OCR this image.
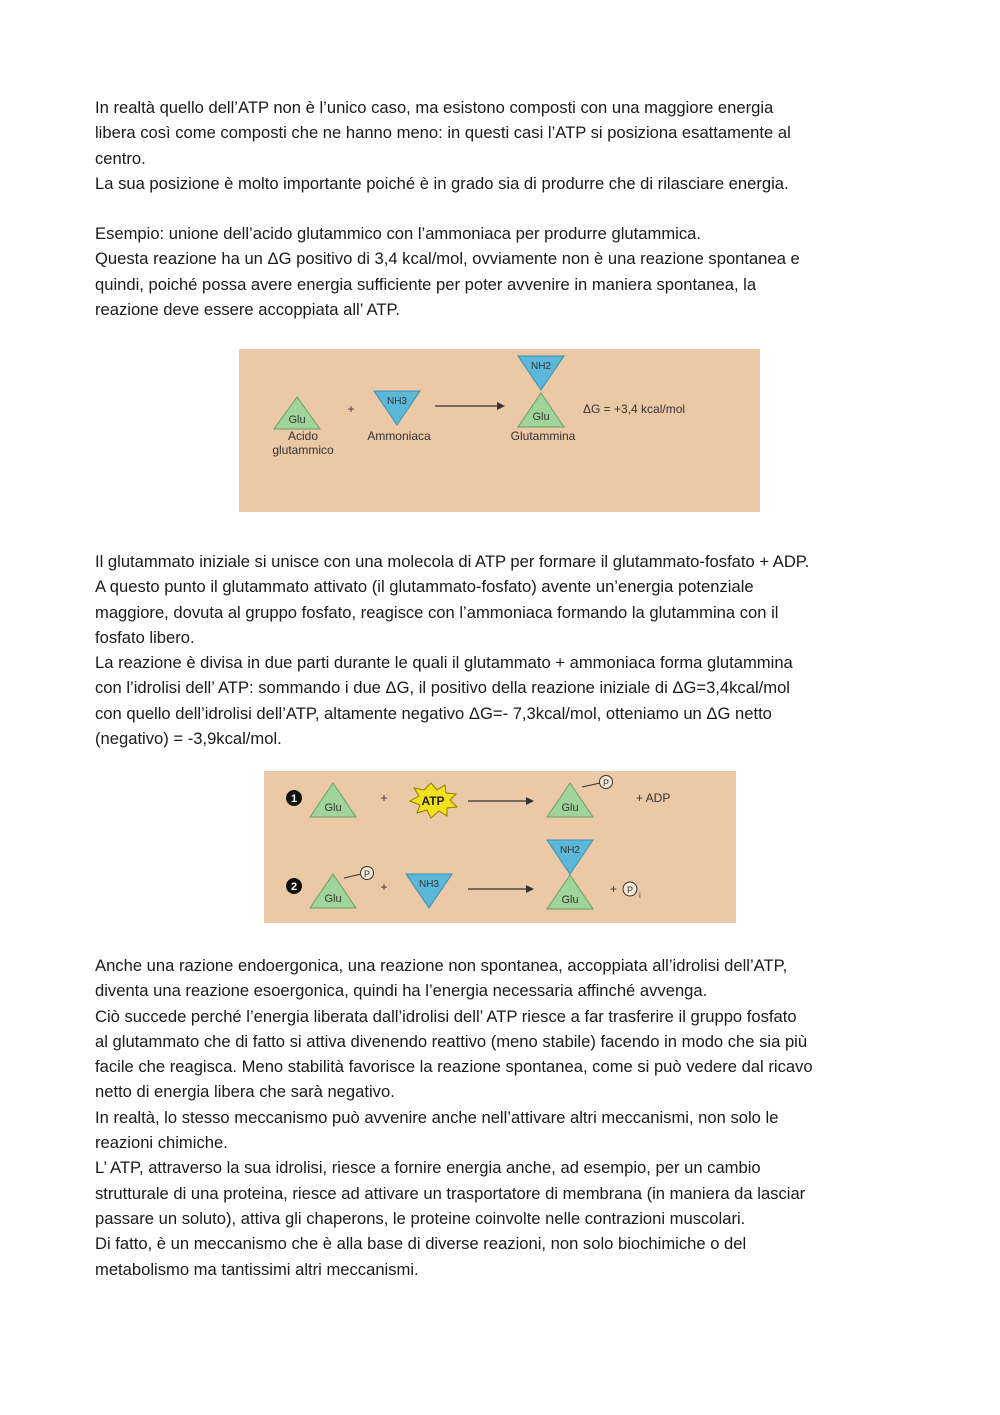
In realtà quello dell’ATP non è l’unico caso, ma esistono composti con una maggiore energia
libera così come composti che ne hanno meno: in questi casi l’ATP si posiziona esattamente al
centro.
La sua posizione è molto importante poiché è in grado sia di produrre che di rilasciare energia.
Esempio: unione dell’acido glutammico con l’ammoniaca per produrre glutammica.
Questa reazione ha un ΔG positivo di 3,4 kcal/mol, ovviamente non è una reazione spontanea e
quindi, poiché possa avere energia sufficiente per poter avvenire in maniera spontanea, la
reazione deve essere accoppiata all’ ATP.
Glu
+
NH3
NH2
Glu
ΔG = +3,4 kcal/mol
Acido
glutammico
Ammoniaca	Glutammina
Il glutammato iniziale si unisce con una molecola di ATP per formare il glutammato-fosfato + ADP.
A questo punto il glutammato attivato (il glutammato-fosfato) avente un’energia potenziale
maggiore, dovuta al gruppo fosfato, reagisce con l’ammoniaca formando la glutammina con il
fosfato libero.
La reazione è divisa in due parti durante le quali il glutammato + ammoniaca forma glutammina
con l’idrolisi dell’ ATP: sommando i due ΔG, il positivo della reazione iniziale di ΔG=3,4kcal/mol
con quello dell’idrolisi dell’ATP, altamente negativo ΔG=- 7,3kcal/mol, otteniamo un ΔG netto
(negativo) = -3,9kcal/mol.
1
Glu
+	ATP	Glu
P
+ ADP
2
Glu
P
+	NH3
NH2
Glu
+ P
i
Anche una razione endoergonica, una reazione non spontanea, accoppiata all’idrolisi dell’ATP,
diventa una reazione esoergonica, quindi ha l’energia necessaria affinché avvenga.
Ciò succede perché l’energia liberata dall’idrolisi dell’ ATP riesce a far trasferire il gruppo fosfato
al glutammato che di fatto si attiva divenendo reattivo (meno stabile) facendo in modo che sia più
facile che reagisca. Meno stabilità favorisce la reazione spontanea, come si può vedere dal ricavo
netto di energia libera che sarà negativo.
In realtà, lo stesso meccanismo può avvenire anche nell’attivare altri meccanismi, non solo le
reazioni chimiche.
L’ ATP, attraverso la sua idrolisi, riesce a fornire energia anche, ad esempio, per un cambio
strutturale di una proteina, riesce ad attivare un trasportatore di membrana (in maniera da lasciar
passare un soluto), attiva gli chaperons, le proteine coinvolte nelle contrazioni muscolari.
Di fatto, è un meccanismo che è alla base di diverse reazioni, non solo biochimiche o del
metabolismo ma tantissimi altri meccanismi.
